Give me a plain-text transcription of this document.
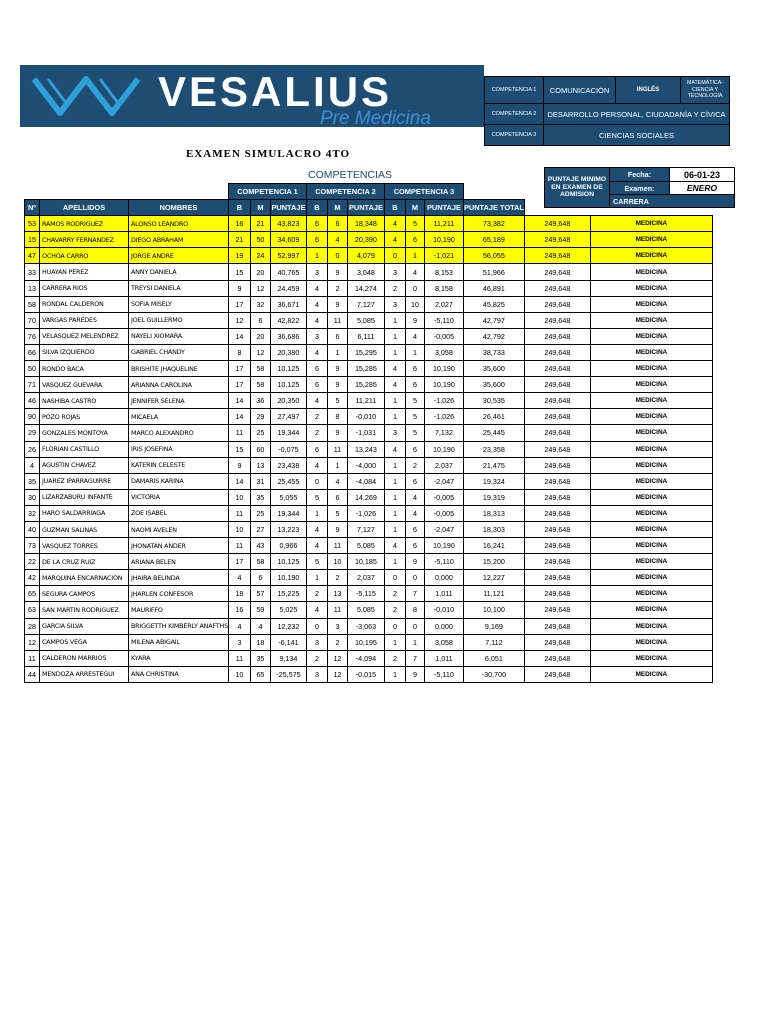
VESALIUS
Pre Medicina
COMPETENCIA 1	COMUNICACIÓN	INGLÉS	MATEMÁTICA- CIENCIA Y TECNOLOGÍA
COMPETENCIA 2	DESARROLLO PERSONAL, CIUDADANÍA Y CÍVICA		
COMPETENCIA 3	CIENCIAS SOCIALES		
EXAMEN SIMULACRO 4TO
COMPETENCIAS	PUNTAJE MINIMO EN EXAMEN DE ADMISION	Fecha:	06-01-23
	Examen:	ENERO
	CARRERA	
			COMPETENCIA 1			COMPETENCIA 2			COMPETENCIA 3					
Nº	APELLIDOS	NOMBRES	B	M	PUNTAJE	B	M	PUNTAJE	B	M	PUNTAJE	PUNTAJE TOTAL		
53	RAMOS RODRIGUEZ	ALONSO LEANDRO	16	21	43,823	6	6	18,348	4	5	11,211	73,382	249,648	MEDICINA
15	CHAVARRY FERNANDEZ	DIEGO ABRAHAM	21	50	34,609	6	4	20,390	4	6	10,190	65,189	249,648	MEDICINA
47	OCHOA CARRO	JORGE ANDRE	19	24	52,997	1	0	4,079	0	1	-1,021	56,055	249,648	MEDICINA
33	HUAYAN PEREZ	ANNY DANIELA	15	20	40,765	3	9	3,048	3	4	8,153	51,966	249,648	MEDICINA
13	CARRERA RIOS	TREYSI DANIELA	9	12	24,459	4	2	14,274	2	0	8,158	46,891	249,648	MEDICINA
58	RONDAL CALDERON	SOFIA MISELY	17	32	36,671	4	9	7,127	3	10	2,027	45,825	249,648	MEDICINA
70	VARGAS PAREDES	JOEL GUILLERMO	12	6	42,822	4	11	5,085	1	9	-5,110	42,797	249,648	MEDICINA
76	VELASQUEZ MELENDREZ	NAYELI XIOMARA	14	20	36,686	3	6	6,111	1	4	-0,005	42,792	249,648	MEDICINA
66	SILVA IZQUIERDO	GABRIEL CHANDY	8	12	20,380	4	1	15,295	1	1	3,058	38,733	249,648	MEDICINA
50	RONDO BACA	BRISHITE JHAQUELINE	17	58	10,125	6	9	15,285	4	6	10,190	35,600	249,648	MEDICINA
71	VASQUEZ GUEVARA	ARIANNA CAROLINA	17	58	10,125	6	9	15,285	4	6	10,190	35,600	249,648	MEDICINA
46	NASHIBA CASTRO	JENNIFER SELENA	14	36	20,350	4	5	11,211	1	5	-1,026	30,535	249,648	MEDICINA
90	POZO ROJAS	MICAELA	14	29	27,497	2	8	-0,010	1	5	-1,026	26,461	249,648	MEDICINA
29	GONZALES MONTOYA	MARCO ALEXANDRO	11	25	19,344	2	9	-1,031	3	5	7,132	25,445	249,648	MEDICINA
26	FLORIAN CASTILLO	IRIS JOSEFINA	15	60	-0,075	6	11	13,243	4	6	10,190	23,358	249,648	MEDICINA
4	AGUSTIN CHAVEZ	KATERIN CELESTE	9	13	23,438	4	1	-4,000	1	2	2,037	21,475	249,648	MEDICINA
35	JUAREZ IPARRAGUIRRE	DAMARIS KARINA	14	31	25,455	0	4	-4,084	1	6	-2,047	19,324	249,648	MEDICINA
30	LIZARZABURU INFANTE	VICTORIA	10	35	5,055	5	6	14,269	1	4	-0,005	19,319	249,648	MEDICINA
32	HARO SALDARRIAGA	ZOE ISABEL	11	25	19,344	1	5	-1,026	1	4	-0,005	18,313	249,648	MEDICINA
40	GUZMAN SALINAS	NAOMI AVELEN	10	27	13,223	4	9	7,127	1	6	-2,047	18,303	249,648	MEDICINA
73	VASQUEZ TORRES	JHONATAN ANDER	11	43	0,966	4	11	5,085	4	6	10,190	16,241	249,648	MEDICINA
22	DE LA CRUZ RUIZ	ARIANA BELEN	17	58	10,125	5	10	10,185	1	9	-5,110	15,200	249,648	MEDICINA
42	MARQUINA ENCARNACION	JHAIRA BELINDA	4	6	10,190	1	2	2,037	0	0	0,000	12,227	249,648	MEDICINA
65	SEGURA CAMPOS	JHARLEN CONFESOR	18	57	15,225	2	13	-5,115	2	7	1,011	11,121	249,648	MEDICINA
63	SAN MARTIN RODRIGUEZ	MAURIFFO	16	59	5,025	4	11	5,085	2	8	-0,010	10,100	249,648	MEDICINA
28	GARCIA SILVA	BRIGGETTH KIMBERLY ANAFTHS	4	4	12,232	0	3	-3,063	0	0	0,000	9,169	249,648	MEDICINA
12	CAMPOS VEGA	MILENA ABIGAIL	3	18	-6,141	3	2	10,195	1	1	3,058	7,112	249,648	MEDICINA
11	CALDERON MARRIOS	KYARA	11	35	9,134	2	12	-4,094	2	7	1,011	6,051	249,648	MEDICINA
44	MENDOZA ARRESTEGUI	ANA CHRISTINA	10	65	-25,575	3	12	-0,015	1	9	-5,110	-30,700	249,648	MEDICINA
